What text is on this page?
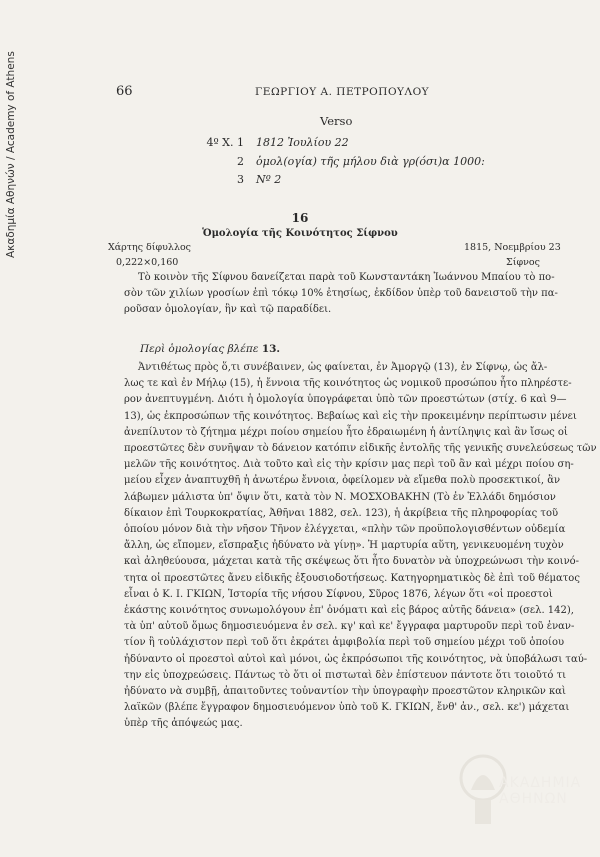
Ακαδημία Αθηνών / Academy of Athens	66	ΓΕΩΡΓΙΟΥ Α. ΠΕΤΡΟΠΟΥΛΟΥ
Verso
4º Χ. 1 1812 Ἰουλίου 22
2 ὁμολ(ογία) τῆς μήλου διὰ γρ(όσι)α 1000:
3 Νº 2
16
Ὁμολογία τῆς Κοινότητος Σίφνου
Χάρτης δίφυλλος
0,222×0,160
1815, Νοεμβρίου 23
Σίφνος
Τὸ κοινὸν τῆς Σίφνου δανείζεται παρὰ τοῦ Κωνσταντάκη Ἰωάννου Μπαίου τὸ πο-
σὸν τῶν χιλίων γροσίων ἐπὶ τόκῳ 10% ἐτησίως, ἐκδίδον ὑπὲρ τοῦ δανειστοῦ τὴν πα-
ροῦσαν ὁμολογίαν, ἣν καὶ τῷ παραδίδει.
Περὶ ὁμολογίας βλέπε 13.
Ἀντιθέτως πρὸς ὅ,τι συνέβαινεν, ὡς φαίνεται, ἐν Ἀμοργῷ (13), ἐν Σίφνῳ, ὡς ἄλ-
λως τε καὶ ἐν Μήλῳ (15), ἡ ἔννοια τῆς κοινότητος ὡς νομικοῦ προσώπου ἦτο πληρέστε-
ρον ἀνεπτυγμένη. Διότι ἡ ὁμολογία ὑπογράφεται ὑπὸ τῶν προεστώτων (στίχ. 6 καὶ 9—
13), ὡς ἐκπροσώπων τῆς κοινότητος. Βεβαίως καὶ εἰς τὴν προκειμένην περίπτωσιν μένει
ἀνεπίλυτον τὸ ζήτημα μέχρι ποίου σημείου ἦτο ἑδραιωμένη ἡ ἀντίληψις καὶ ἂν ἴσως οἱ
προεστῶτες δὲν συνῆψαν τὸ δάνειον κατόπιν εἰδικῆς ἐντολῆς τῆς γενικῆς συνελεύσεως τῶν
μελῶν τῆς κοινότητος. Διὰ τοῦτο καὶ εἰς τὴν κρίσιν μας περὶ τοῦ ἂν καὶ μέχρι ποίου ση-
μείου εἶχεν ἀναπτυχθῆ ἡ ἀνωτέρω ἔννοια, ὀφείλομεν νὰ εἴμεθα πολὺ προσεκτικοί, ἂν
λάβωμεν μάλιστα ὑπ' ὄψιν ὅτι, κατὰ τὸν Ν. ΜΟΣΧΟΒΑΚΗΝ (Τὸ ἐν Ἑλλάδι δημόσιον
δίκαιον ἐπὶ Τουρκοκρατίας, Ἀθῆναι 1882, σελ. 123), ἡ ἀκρίβεια τῆς πληροφορίας τοῦ
ὁποίου μόνον διὰ τὴν νῆσον Τῆνον ἐλέγχεται, «πλὴν τῶν προϋπολογισθέντων οὐδεμία
ἄλλη, ὡς εἴπομεν, εἴσπραξις ἠδύνατο νὰ γίνῃ». Ἡ μαρτυρία αὕτη, γενικευομένη τυχὸν
καὶ ἀληθεύουσα, μάχεται κατὰ τῆς σκέψεως ὅτι ἦτο δυνατὸν νὰ ὑποχρεώνωσι τὴν κοινό-
τητα οἱ προεστῶτες ἄνευ εἰδικῆς ἐξουσιοδοτήσεως. Κατηγορηματικὸς δὲ ἐπὶ τοῦ θέματος
εἶναι ὁ Κ. Ι. ΓΚΙΩΝ, Ἱστορία τῆς νήσου Σίφνου, Σῦρος 1876, λέγων ὅτι «οἱ προεστοὶ
ἑκάστης κοινότητος συνωμολόγουν ἐπ' ὀνόματι καὶ εἰς βάρος αὐτῆς δάνεια» (σελ. 142),
τὰ ὑπ' αὐτοῦ ὅμως δημοσιευόμενα ἐν σελ. κγ' καὶ κε' ἔγγραφα μαρτυροῦν περὶ τοῦ ἐναν-
τίον ἢ τοὐλάχιστον περὶ τοῦ ὅτι ἐκράτει ἀμφιβολία περὶ τοῦ σημείου μέχρι τοῦ ὁποίου
ἠδύναντο οἱ προεστοὶ αὐτοὶ καὶ μόνοι, ὡς ἐκπρόσωποι τῆς κοινότητος, νὰ ὑποβάλωσι ταύ-
την εἰς ὑποχρεώσεις. Πάντως τὸ ὅτι οἱ πιστωταὶ δὲν ἐπίστευον πάντοτε ὅτι τοιοῦτό τι
ἠδύνατο νὰ συμβῇ, ἀπαιτοῦντες τοὐναντίον τὴν ὑπογραφὴν προεστῶτον κληρικῶν καὶ
λαϊκῶν (βλέπε ἔγγραφον δημοσιευόμενον ὑπὸ τοῦ Κ. ΓΚΙΩΝ, ἔνθ' ἀν., σελ. κε') μάχεται
ὑπὲρ τῆς ἀπόψεώς μας.
ΑΚΑΔΗΜΙΑ ΑΘΗΝΩΝ
